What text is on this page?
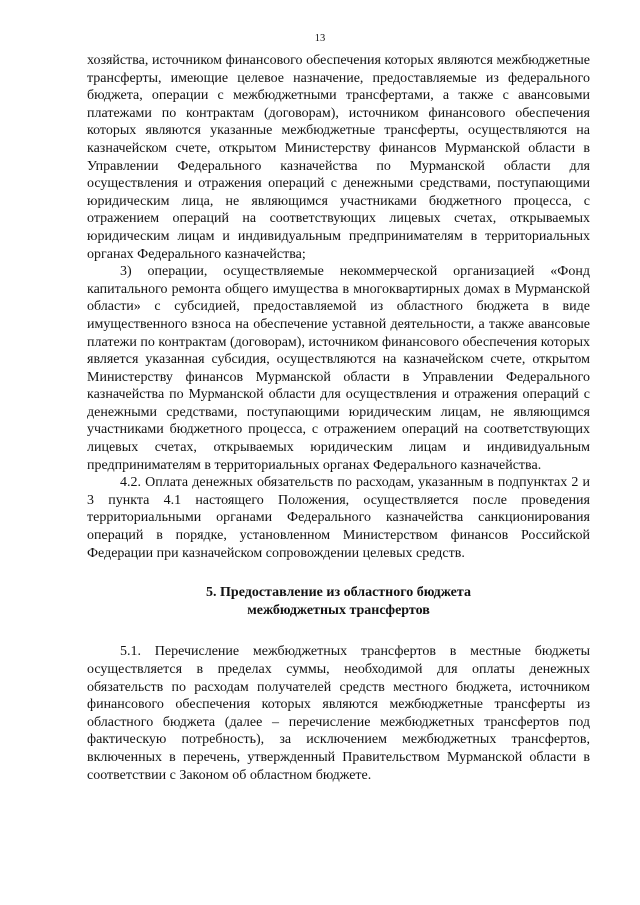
13

хозяйства, источником финансового обеспечения которых являются межбюджетные трансферты, имеющие целевое назначение, предоставляемые из федерального бюджета, операции с межбюджетными трансфертами, а также с авансовыми платежами по контрактам (договорам), источником финансового обеспечения которых являются указанные межбюджетные трансферты, осуществляются на казначейском счете, открытом Министерству финансов Мурманской области в Управлении Федерального казначейства по Мурманской области для осуществления и отражения операций с денежными средствами, поступающими юридическим лица, не являющимся участниками бюджетного процесса, с отражением операций на соответствующих лицевых счетах, открываемых юридическим лицам и индивидуальным предпринимателям в территориальных органах Федерального казначейства;

3) операции, осуществляемые некоммерческой организацией «Фонд капитального ремонта общего имущества в многоквартирных домах в Мурманской области» с субсидией, предоставляемой из областного бюджета в виде имущественного взноса на обеспечение уставной деятельности, а также авансовые платежи по контрактам (договорам), источником финансового обеспечения которых является указанная субсидия, осуществляются на казначейском счете, открытом Министерству финансов Мурманской области в Управлении Федерального казначейства по Мурманской области для осуществления и отражения операций с денежными средствами, поступающими юридическим лицам, не являющимся участниками бюджетного процесса, с отражением операций на соответствующих лицевых счетах, открываемых юридическим лицам и индивидуальным предпринимателям в территориальных органах Федерального казначейства.

4.2. Оплата денежных обязательств по расходам, указанным в подпунктах 2 и 3 пункта 4.1 настоящего Положения, осуществляется после проведения территориальными органами Федерального казначейства санкционирования операций в порядке, установленном Министерством финансов Российской Федерации при казначейском сопровождении целевых средств.

5. Предоставление из областного бюджета
межбюджетных трансфертов

5.1. Перечисление межбюджетных трансфертов в местные бюджеты осуществляется в пределах суммы, необходимой для оплаты денежных обязательств по расходам получателей средств местного бюджета, источником финансового обеспечения которых являются межбюджетные трансферты из областного бюджета (далее – перечисление межбюджетных трансфертов под фактическую потребность), за исключением межбюджетных трансфертов, включенных в перечень, утвержденный Правительством Мурманской области в соответствии с Законом об областном бюджете.
